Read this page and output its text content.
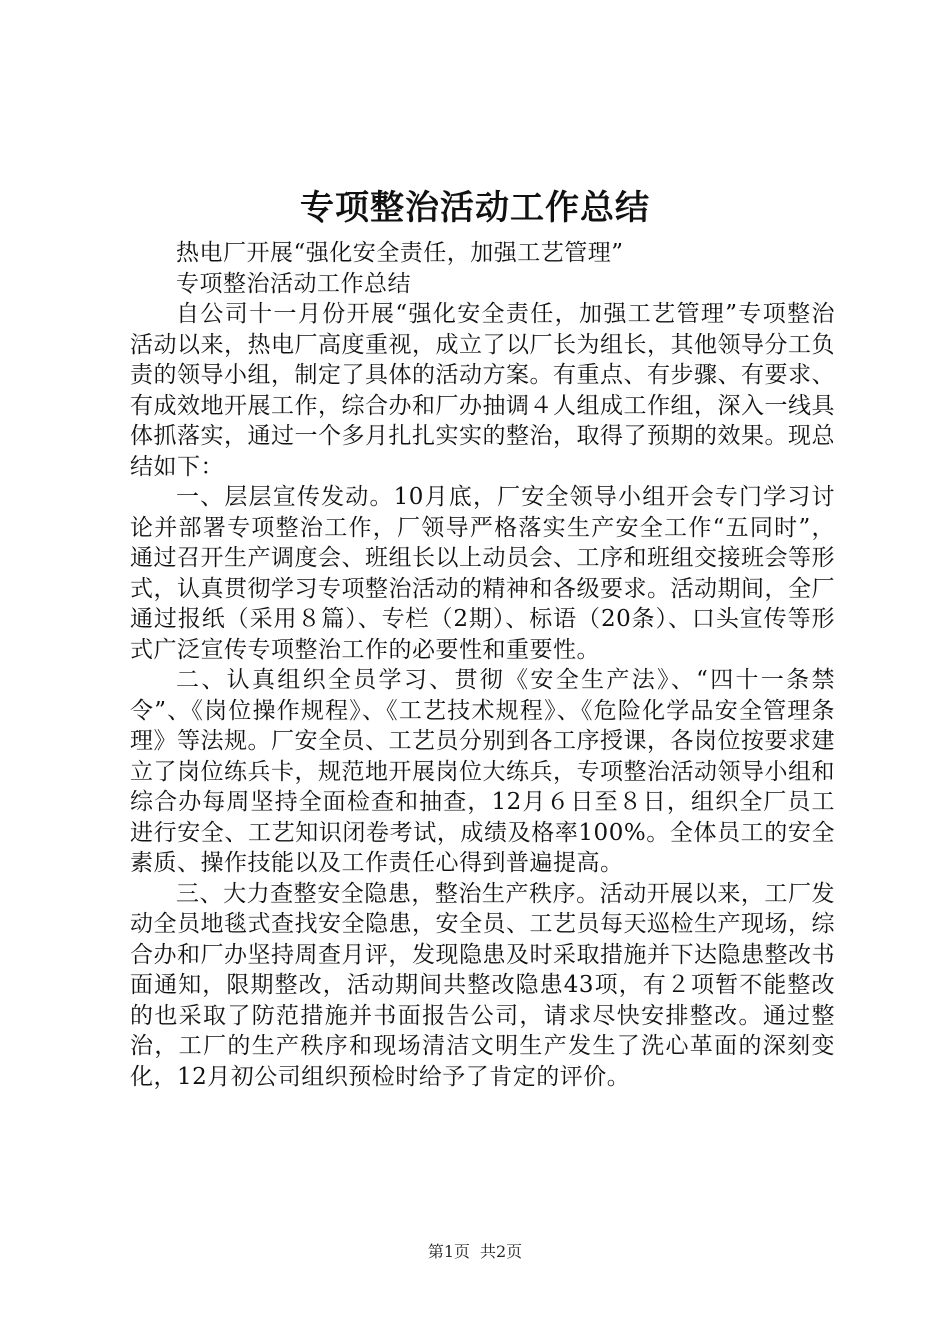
专项整治活动工作总结

热电厂开展“强化安全责任，加强工艺管理”

专项整治活动工作总结

自公司十一月份开展“强化安全责任，加强工艺管理”专项整治活动以来，热电厂高度重视，成立了以厂长为组长，其他领导分工负责的领导小组，制定了具体的活动方案。有重点、有步骤、有要求、有成效地开展工作，综合办和厂办抽调４人组成工作组，深入一线具体抓落实，通过一个多月扎扎实实的整治，取得了预期的效果。现总结如下：

一、层层宣传发动。10月底，厂安全领导小组开会专门学习讨论并部署专项整治工作，厂领导严格落实生产安全工作“五同时”，通过召开生产调度会、班组长以上动员会、工序和班组交接班会等形式，认真贯彻学习专项整治活动的精神和各级要求。活动期间，全厂通过报纸（采用８篇）、专栏（2期）、标语（20条）、口头宣传等形式广泛宣传专项整治工作的必要性和重要性。

二、认真组织全员学习、贯彻《安全生产法》、“四十一条禁令”、《岗位操作规程》、《工艺技术规程》、《危险化学品安全管理条理》等法规。厂安全员、工艺员分别到各工序授课，各岗位按要求建立了岗位练兵卡，规范地开展岗位大练兵，专项整治活动领导小组和综合办每周坚持全面检查和抽查，12月６日至８日，组织全厂员工进行安全、工艺知识闭卷考试，成绩及格率100%。全体员工的安全素质、操作技能以及工作责任心得到普遍提高。

三、大力查整安全隐患，整治生产秩序。活动开展以来，工厂发动全员地毯式查找安全隐患，安全员、工艺员每天巡检生产现场，综合办和厂办坚持周查月评，发现隐患及时采取措施并下达隐患整改书面通知，限期整改，活动期间共整改隐患43项，有２项暂不能整改的也采取了防范措施并书面报告公司，请求尽快安排整改。通过整治，工厂的生产秩序和现场清洁文明生产发生了洗心革面的深刻变化，12月初公司组织预检时给予了肯定的评价。

第1页 共2页
